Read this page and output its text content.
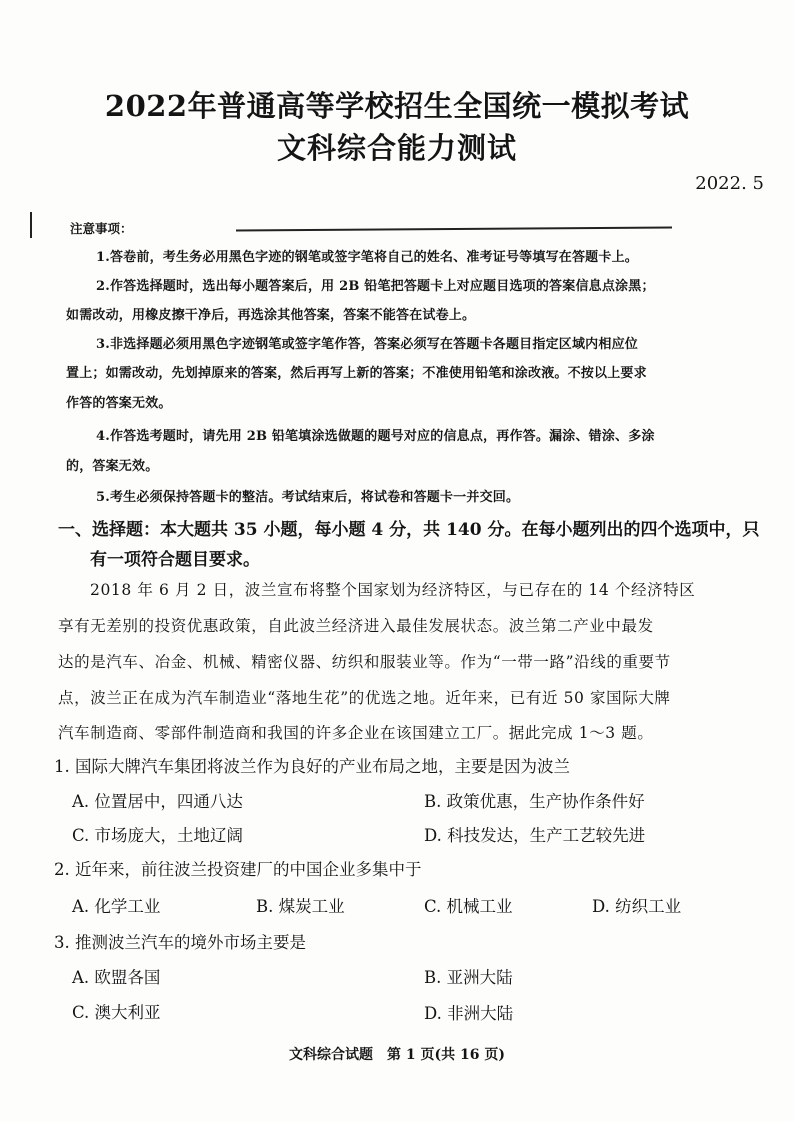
2022年普通高等学校招生全国统一模拟考试
文科综合能力测试
2022. 5
注意事项：
1.答卷前，考生务必用黑色字迹的钢笔或签字笔将自己的姓名、准考证号等填写在答题卡上。
2.作答选择题时，选出每小题答案后，用 2B 铅笔把答题卡上对应题目选项的答案信息点涂黑；
如需改动，用橡皮擦干净后，再选涂其他答案，答案不能答在试卷上。
3.非选择题必须用黑色字迹钢笔或签字笔作答，答案必须写在答题卡各题目指定区域内相应位
置上；如需改动，先划掉原来的答案，然后再写上新的答案；不准使用铅笔和涂改液。不按以上要求
作答的答案无效。
4.作答选考题时，请先用 2B 铅笔填涂选做题的题号对应的信息点，再作答。漏涂、错涂、多涂
的，答案无效。
5.考生必须保持答题卡的整洁。考试结束后，将试卷和答题卡一并交回。
一、选择题：本大题共 35 小题，每小题 4 分，共 140 分。在每小题列出的四个选项中，只
有一项符合题目要求。
2018 年 6 月 2 日，波兰宣布将整个国家划为经济特区，与已存在的 14 个经济特区
享有无差别的投资优惠政策，自此波兰经济进入最佳发展状态。波兰第二产业中最发
达的是汽车、冶金、机械、精密仪器、纺织和服装业等。作为“一带一路”沿线的重要节
点，波兰正在成为汽车制造业“落地生花”的优选之地。近年来，已有近 50 家国际大牌
汽车制造商、零部件制造商和我国的许多企业在该国建立工厂。据此完成 1～3 题。
1. 国际大牌汽车集团将波兰作为良好的产业布局之地，主要是因为波兰
A. 位置居中，四通八达	B. 政策优惠，生产协作条件好
C. 市场庞大，土地辽阔	D. 科技发达，生产工艺较先进
2. 近年来，前往波兰投资建厂的中国企业多集中于
A. 化学工业	B. 煤炭工业	C. 机械工业	D. 纺织工业
3. 推测波兰汽车的境外市场主要是
A. 欧盟各国	B. 亚洲大陆
C. 澳大利亚	D. 非洲大陆
文科综合试题　第 1 页(共 16 页)
